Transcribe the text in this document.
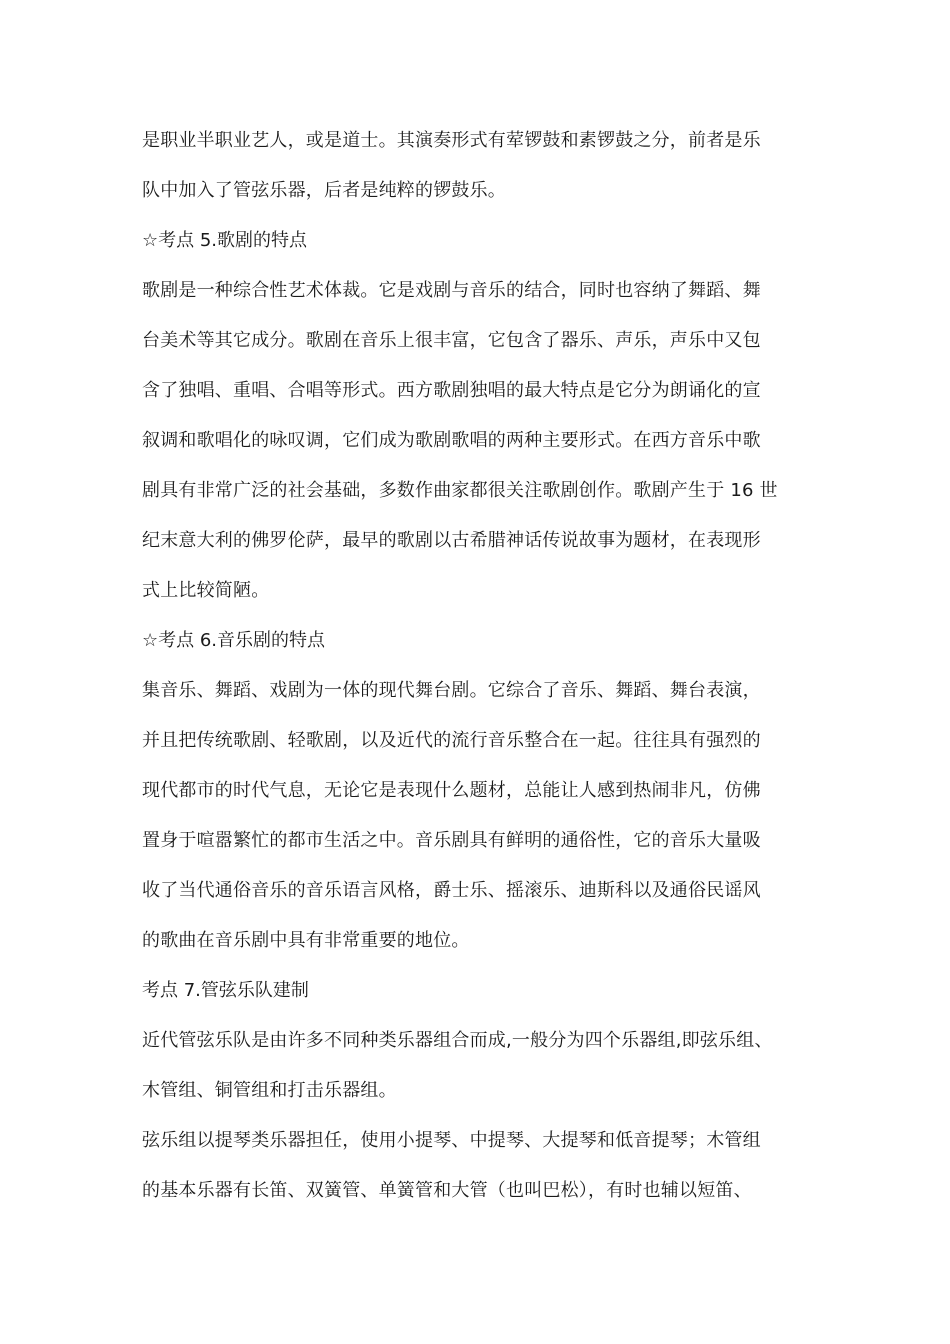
是职业半职业艺人，或是道士。其演奏形式有荤锣鼓和素锣鼓之分，前者是乐
队中加入了管弦乐器，后者是纯粹的锣鼓乐。
☆考点 5.歌剧的特点
歌剧是一种综合性艺术体裁。它是戏剧与音乐的结合，同时也容纳了舞蹈、舞
台美术等其它成分。歌剧在音乐上很丰富，它包含了器乐、声乐，声乐中又包
含了独唱、重唱、合唱等形式。西方歌剧独唱的最大特点是它分为朗诵化的宣
叙调和歌唱化的咏叹调，它们成为歌剧歌唱的两种主要形式。在西方音乐中歌
剧具有非常广泛的社会基础，多数作曲家都很关注歌剧创作。歌剧产生于 16 世
纪末意大利的佛罗伦萨，最早的歌剧以古希腊神话传说故事为题材，在表现形
式上比较简陋。
☆考点 6.音乐剧的特点
集音乐、舞蹈、戏剧为一体的现代舞台剧。它综合了音乐、舞蹈、舞台表演，
并且把传统歌剧、轻歌剧，以及近代的流行音乐整合在一起。往往具有强烈的
现代都市的时代气息，无论它是表现什么题材，总能让人感到热闹非凡，仿佛
置身于喧嚣繁忙的都市生活之中。音乐剧具有鲜明的通俗性，它的音乐大量吸
收了当代通俗音乐的音乐语言风格，爵士乐、摇滚乐、迪斯科以及通俗民谣风
的歌曲在音乐剧中具有非常重要的地位。
考点 7.管弦乐队建制
近代管弦乐队是由许多不同种类乐器组合而成,一般分为四个乐器组,即弦乐组、
木管组、铜管组和打击乐器组。
弦乐组以提琴类乐器担任，使用小提琴、中提琴、大提琴和低音提琴；木管组
的基本乐器有长笛、双簧管、单簧管和大管（也叫巴松），有时也辅以短笛、
